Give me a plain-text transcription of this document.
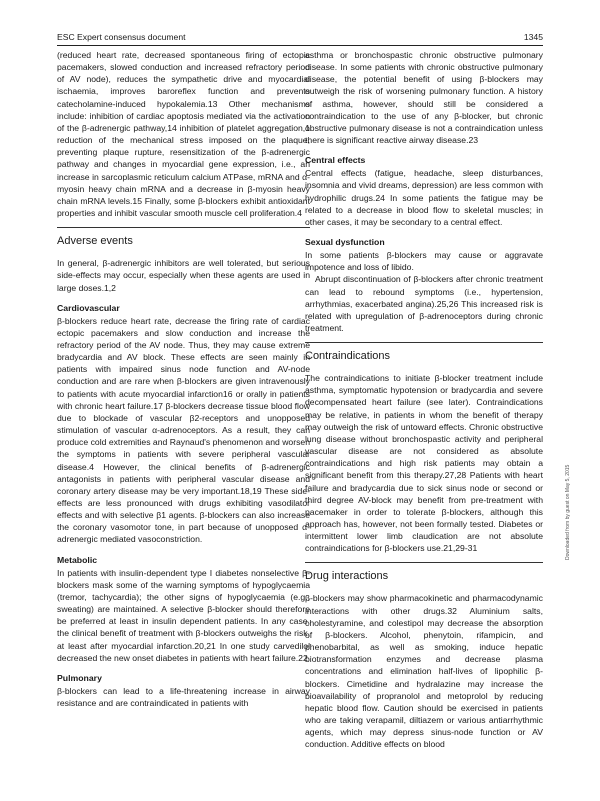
ESC Expert consensus document	1345

(reduced heart rate, decreased spontaneous firing of ectopic pacemakers, slowed conduction and increased refractory period of AV node), reduces the sympathetic drive and myocardial ischaemia, improves baroreflex function and prevents catecholamine-induced hypokalemia.13 Other mechanisms include: inhibition of cardiac apoptosis mediated via the activation of the β-adrenergic pathway,14 inhibition of platelet aggregation,1 reduction of the mechanical stress imposed on the plaque, preventing plaque rupture, resensitization of the β-adrenergic pathway and changes in myocardial gene expression, i.e., an increase in sarcoplasmic reticulum calcium ATPase, mRNA and α-myosin heavy chain mRNA and a decrease in β-myosin heavy chain mRNA levels.15 Finally, some β-blockers exhibit antioxidant properties and inhibit vascular smooth muscle cell proliferation.4

Adverse events

In general, β-adrenergic inhibitors are well tolerated, but serious side-effects may occur, especially when these agents are used in large doses.1,2

Cardiovascular

β-blockers reduce heart rate, decrease the firing rate of cardiac ectopic pacemakers and slow conduction and increase the refractory period of the AV node. Thus, they may cause extreme bradycardia and AV block. These effects are seen mainly in patients with impaired sinus node function and AV-node conduction and are rare when β-blockers are given intravenously to patients with acute myocardial infarction16 or orally in patients with chronic heart failure.17 β-blockers decrease tissue blood flow due to blockade of vascular β2-receptors and unopposed stimulation of vascular α-adrenoceptors. As a result, they can produce cold extremities and Raynaud's phenomenon and worsen the symptoms in patients with severe peripheral vascular disease.4 However, the clinical benefits of β-adrenergic antagonists in patients with peripheral vascular disease and coronary artery disease may be very important.18,19 These side-effects are less pronounced with drugs exhibiting vasodilator effects and with selective β1 agents. β-blockers can also increase the coronary vasomotor tone, in part because of unopposed α-adrenergic mediated vasoconstriction.

Metabolic

In patients with insulin-dependent type I diabetes nonselective β-blockers mask some of the warning symptoms of hypoglycaemia (tremor, tachycardia); the other signs of hypoglycaemia (e.g., sweating) are maintained. A selective β-blocker should therefore be preferred at least in insulin dependent patients. In any case, the clinical benefit of treatment with β-blockers outweighs the risk, at least after myocardial infarction.20,21 In one study carvedilol decreased the new onset diabetes in patients with heart failure.22

Pulmonary

β-blockers can lead to a life-threatening increase in airway resistance and are contraindicated in patients with

asthma or bronchospastic chronic obstructive pulmonary disease. In some patients with chronic obstructive pulmonary disease, the potential benefit of using β-blockers may outweigh the risk of worsening pulmonary function. A history of asthma, however, should still be considered a contraindication to the use of any β-blocker, but chronic obstructive pulmonary disease is not a contraindication unless there is significant reactive airway disease.23

Central effects

Central effects (fatigue, headache, sleep disturbances, insomnia and vivid dreams, depression) are less common with hydrophilic drugs.24 In some patients the fatigue may be related to a decrease in blood flow to skeletal muscles; in other cases, it may be secondary to a central effect.

Sexual dysfunction

In some patients β-blockers may cause or aggravate impotence and loss of libido.

Abrupt discontinuation of β-blockers after chronic treatment can lead to rebound symptoms (i.e., hypertension, arrhythmias, exacerbated angina).25,26 This increased risk is related with upregulation of β-adrenoceptors during chronic treatment.

Contraindications

The contraindications to initiate β-blocker treatment include asthma, symptomatic hypotension or bradycardia and severe decompensated heart failure (see later). Contraindications may be relative, in patients in whom the benefit of therapy may outweigh the risk of untoward effects. Chronic obstructive lung disease without bronchospastic activity and peripheral vascular disease are not considered as absolute contraindications and high risk patients may obtain a significant benefit from this therapy.27,28 Patients with heart failure and bradycardia due to sick sinus node or second or third degree AV-block may benefit from pre-treatment with pacemaker in order to tolerate β-blockers, although this approach has, however, not been formally tested. Diabetes or intermittent lower limb claudication are not absolute contraindications for β-blockers use.21,29-31

Drug interactions

β-blockers may show pharmacokinetic and pharmacodynamic interactions with other drugs.32 Aluminium salts, cholestyramine, and colestipol may decrease the absorption of β-blockers. Alcohol, phenytoin, rifampicin, and phenobarbital, as well as smoking, induce hepatic biotransformation enzymes and decrease plasma concentrations and elimination half-lives of lipophilic β-blockers. Cimetidine and hydralazine may increase the bioavailability of propranolol and metoprolol by reducing hepatic blood flow. Caution should be exercised in patients who are taking verapamil, diltiazem or various antiarrhythmic agents, which may depress sinus-node function or AV conduction. Additive effects on blood

Downloaded from by guest on May 5, 2015
